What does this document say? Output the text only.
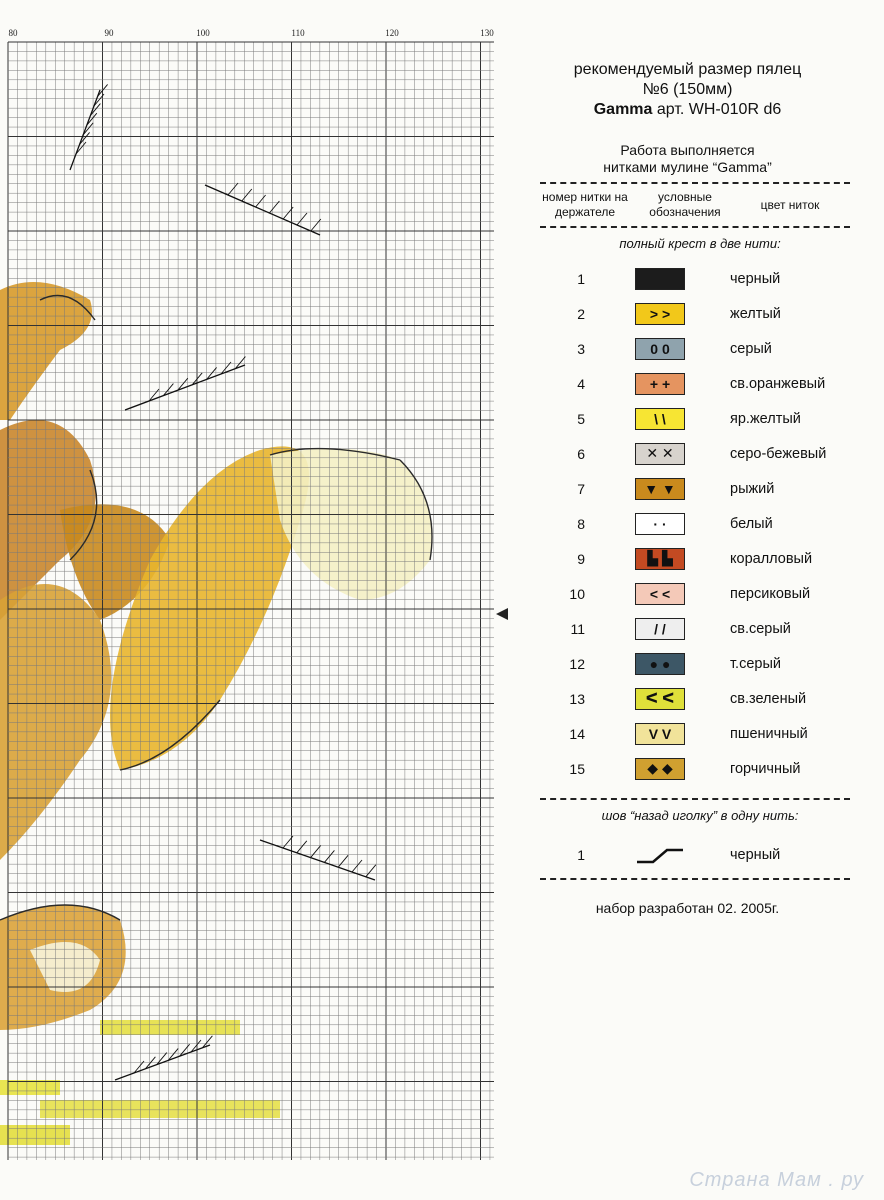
80	90	100	110	120	130
рекомендуемый размер пялец
№6 (150мм)
Gamma арт. WH-010R d6
Работа выполняется
нитками мулине “Gamma”
номер нитки на держателе
условные обозначения
цвет ниток
полный крест в две нити:
1	черный
2	> >	желтый
3	0 0	серый
4	+ +	св.оранжевый
5	\ \	яр.желтый
6	✕ ✕	серо-бежевый
7	▼ ▼	рыжий
8	· ·	белый
9	▙ ▙	коралловый
10	< <	персиковый
11	/ /	св.серый
12	● ●	т.серый
13	ᐸ ᐸ	св.зеленый
14	V V	пшеничный
15	◆ ◆	горчичный
шов “назад иголку” в одну нить:
1	черный
набор разработан 02. 2005г.
Страна Мам . ру
